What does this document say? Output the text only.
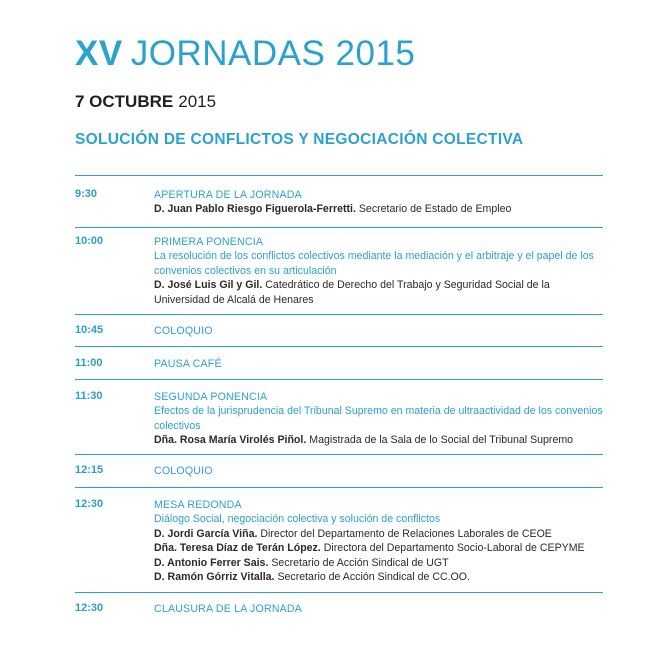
XV JORNADAS 2015
7 OCTUBRE 2015
SOLUCIÓN DE CONFLICTOS Y NEGOCIACIÓN COLECTIVA
9:30	APERTURA DE LA JORNADA
D. Juan Pablo Riesgo Figuerola-Ferretti. Secretario de Estado de Empleo
10:00	PRIMERA PONENCIA
La resolución de los conflictos colectivos mediante la mediación y el arbitraje y el papel de los convenios colectivos en su articulación
D. José Luis Gil y Gil. Catedrático de Derecho del Trabajo y Seguridad Social de la Universidad de Alcalá de Henares
10:45	COLOQUIO
11:00	PAUSA CAFÉ
11:30	SEGUNDA PONENCIA
Efectos de la jurisprudencia del Tribunal Supremo en materia de ultraactividad de los convenios colectivos
Dña. Rosa María Virolés Piñol. Magistrada de la Sala de lo Social del Tribunal Supremo
12:15	COLOQUIO
12:30	MESA REDONDA
Diálogo Social, negociación colectiva y solución de conflictos
D. Jordi García Viña. Director del Departamento de Relaciones Laborales de CEOE
Dña. Teresa Díaz de Terán López. Directora del Departamento Socio-Laboral de CEPYME
D. Antonio Ferrer Sais. Secretario de Acción Sindical de UGT
D. Ramón Górriz Vitalla. Secretario de Acción Sindical de CC.OO.
12:30	CLAUSURA DE LA JORNADA
